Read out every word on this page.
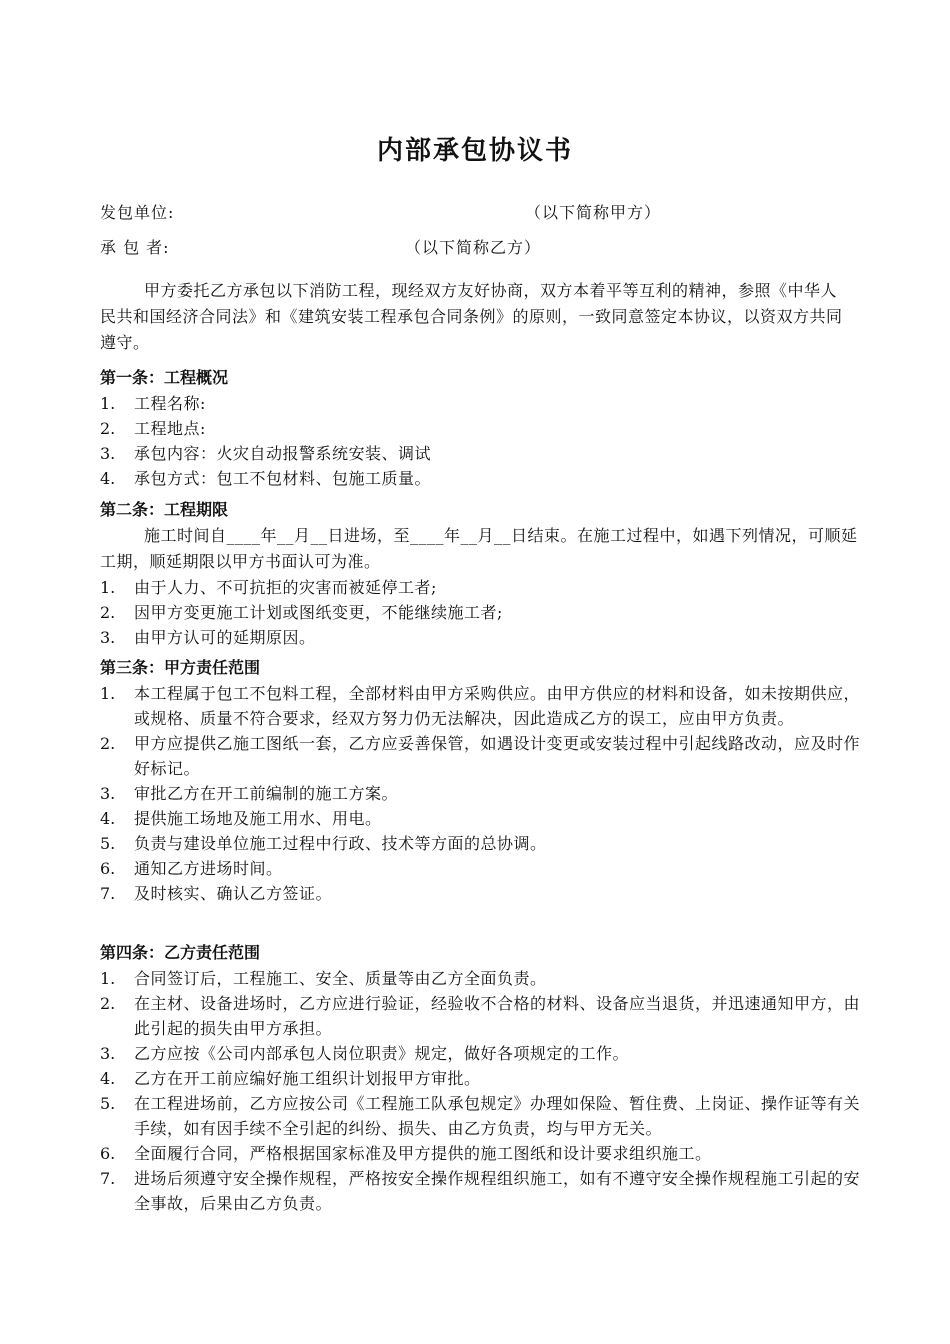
内部承包协议书
发包单位:	（以下简称甲方）
承 包 者:	（以下简称乙方）
甲方委托乙方承包以下消防工程，现经双方友好协商，双方本着平等互利的精神，参照《中华人民共和国经济合同法》和《建筑安装工程承包合同条例》的原则，一致同意签定本协议，以资双方共同遵守。
第一条：工程概况
1.	工程名称:
2.	工程地点:
3.	承包内容：火灾自动报警系统安装、调试
4.	承包方式：包工不包材料、包施工质量。
第二条：工程期限
施工时间自____年__月__日进场，至____年__月__日结束。在施工过程中，如遇下列情况，可顺延工期，顺延期限以甲方书面认可为准。
1.	由于人力、不可抗拒的灾害而被延停工者;
2.	因甲方变更施工计划或图纸变更，不能继续施工者;
3.	由甲方认可的延期原因。
第三条：甲方责任范围
1.	本工程属于包工不包料工程，全部材料由甲方采购供应。由甲方供应的材料和设备，如未按期供应，或规格、质量不符合要求，经双方努力仍无法解决，因此造成乙方的误工，应由甲方负责。
2.	甲方应提供乙施工图纸一套，乙方应妥善保管，如遇设计变更或安装过程中引起线路改动，应及时作好标记。
3.	审批乙方在开工前编制的施工方案。
4.	提供施工场地及施工用水、用电。
5.	负责与建设单位施工过程中行政、技术等方面的总协调。
6.	通知乙方进场时间。
7.	及时核实、确认乙方签证。
第四条：乙方责任范围
1.	合同签订后，工程施工、安全、质量等由乙方全面负责。
2.	在主材、设备进场时，乙方应进行验证，经验收不合格的材料、设备应当退货，并迅速通知甲方，由此引起的损失由甲方承担。
3.	乙方应按《公司内部承包人岗位职责》规定，做好各项规定的工作。
4.	乙方在开工前应编好施工组织计划报甲方审批。
5.	在工程进场前，乙方应按公司《工程施工队承包规定》办理如保险、暂住费、上岗证、操作证等有关手续，如有因手续不全引起的纠纷、损失、由乙方负责，均与甲方无关。
6.	全面履行合同，严格根据国家标准及甲方提供的施工图纸和设计要求组织施工。
7.	进场后须遵守安全操作规程，严格按安全操作规程组织施工，如有不遵守安全操作规程施工引起的安全事故，后果由乙方负责。
